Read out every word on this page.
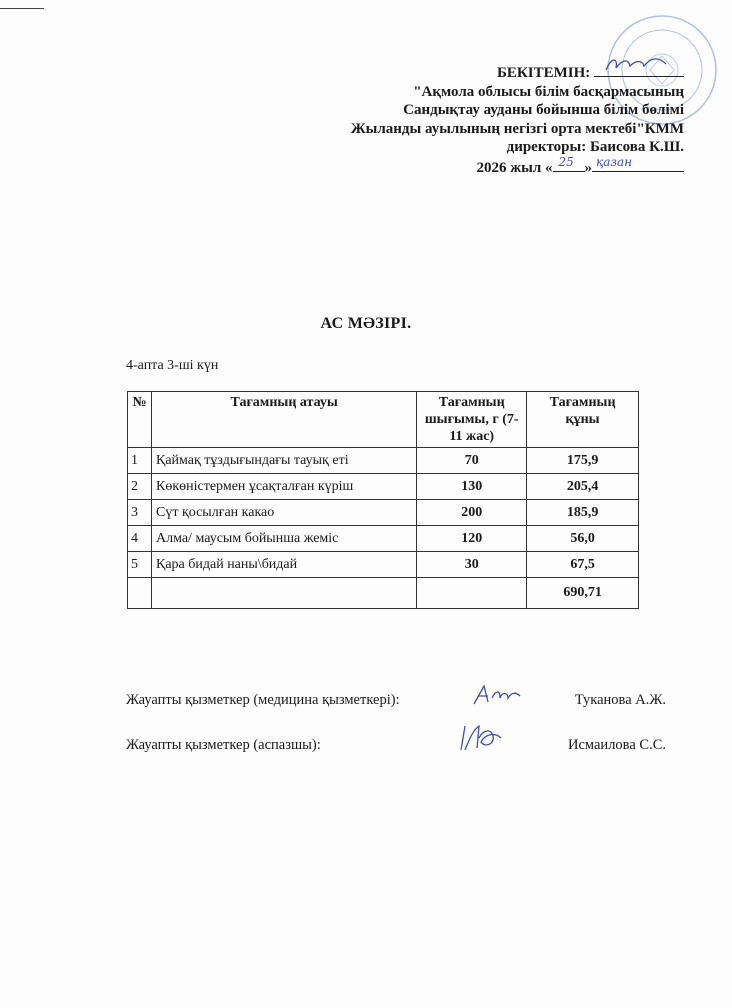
БЕКІТЕМІН:
"Ақмола облысы білім басқармасының
Сандықтау ауданы бойынша білім бөлімі
Жыланды ауылының негізгі орта мектебі"КММ
директоры: Баисова К.Ш.
2026 жыл « 25 » қазан
АС МӘЗІРІ.
4-апта 3-ші күн
№	Тағамның атауы	Тағамның шығымы, г (7-11 жас)	Тағамның құны
1	Қаймақ тұздығындағы тауық еті	70	175,9
2	Көкөністермен ұсақталған күріш	130	205,4
3	Сүт қосылған какао	200	185,9
4	Алма/ маусым бойынша жеміс	120	56,0
5	Қара бидай наны\бидай	30	67,5
			690,71
Жауапты қызметкер (медицина қызметкері):	Туканова А.Ж.
Жауапты қызметкер (аспазшы):	Исмаилова С.С.
